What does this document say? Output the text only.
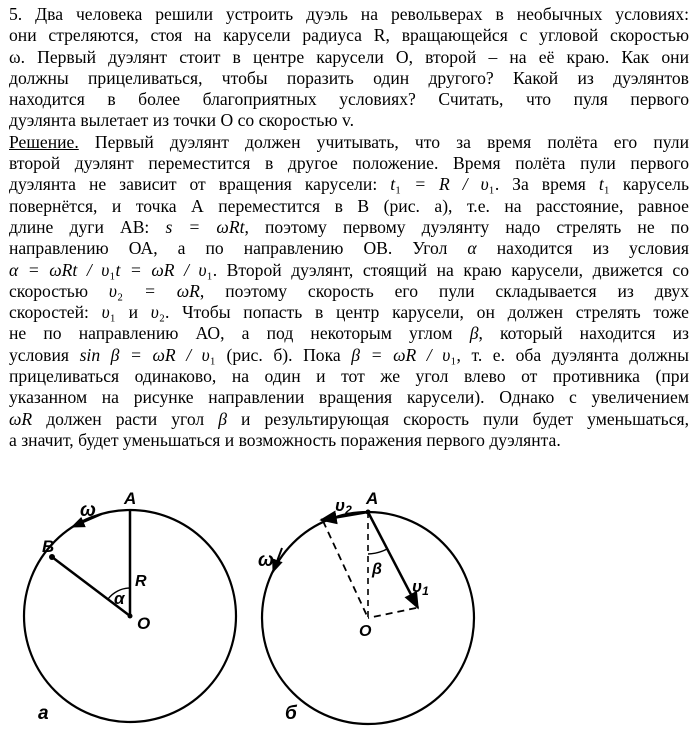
5. Два человека решили устроить дуэль на револьверах в необычных условиях:
они стреляются, стоя на карусели радиуса R, вращающейся с угловой скоростью
ω. Первый дуэлянт стоит в центре карусели О, второй – на её краю. Как они
должны прицеливаться, чтобы поразить один другого? Какой из дуэлянтов
находится в более благоприятных условиях? Считать, что пуля первого
дуэлянта вылетает из точки О со скоростью v.
Решение. Первый дуэлянт должен учитывать, что за время полёта его пули
второй дуэлянт переместится в другое положение. Время полёта пули первого
дуэлянта не зависит от вращения карусели: t₁ = R / υ₁. За время t₁ карусель
повернётся, и точка А переместится в В (рис. а), т.е. на расстояние, равное
длине дуги АВ: s = ωRt, поэтому первому дуэлянту надо стрелять не по
направлению ОА, а по направлению ОВ. Угол α находится из условия
α = ωRt / υ₁t = ωR / υ₁. Второй дуэлянт, стоящий на краю карусели, движется со
скоростью υ₂ = ωR, поэтому скорость его пули складывается из двух
скоростей: υ₁ и υ₂. Чтобы попасть в центр карусели, он должен стрелять тоже
не по направлению АО, а под некоторым углом β, который находится из
условия sin β = ωR / υ₁ (рис. б). Пока β = ωR / υ₁, т. е. оба дуэлянта должны
прицеливаться одинаково, на один и тот же угол влево от противника (при
указанном на рисунке направлении вращения карусели). Однако с увеличением
ωR должен расти угол β и результирующая скорость пули будет уменьшаться,
а значит, будет уменьшаться и возможность поражения первого дуэлянта.
ω
A
B
O
R
α
а
ω
A
O
β
υ2
υ1
б
